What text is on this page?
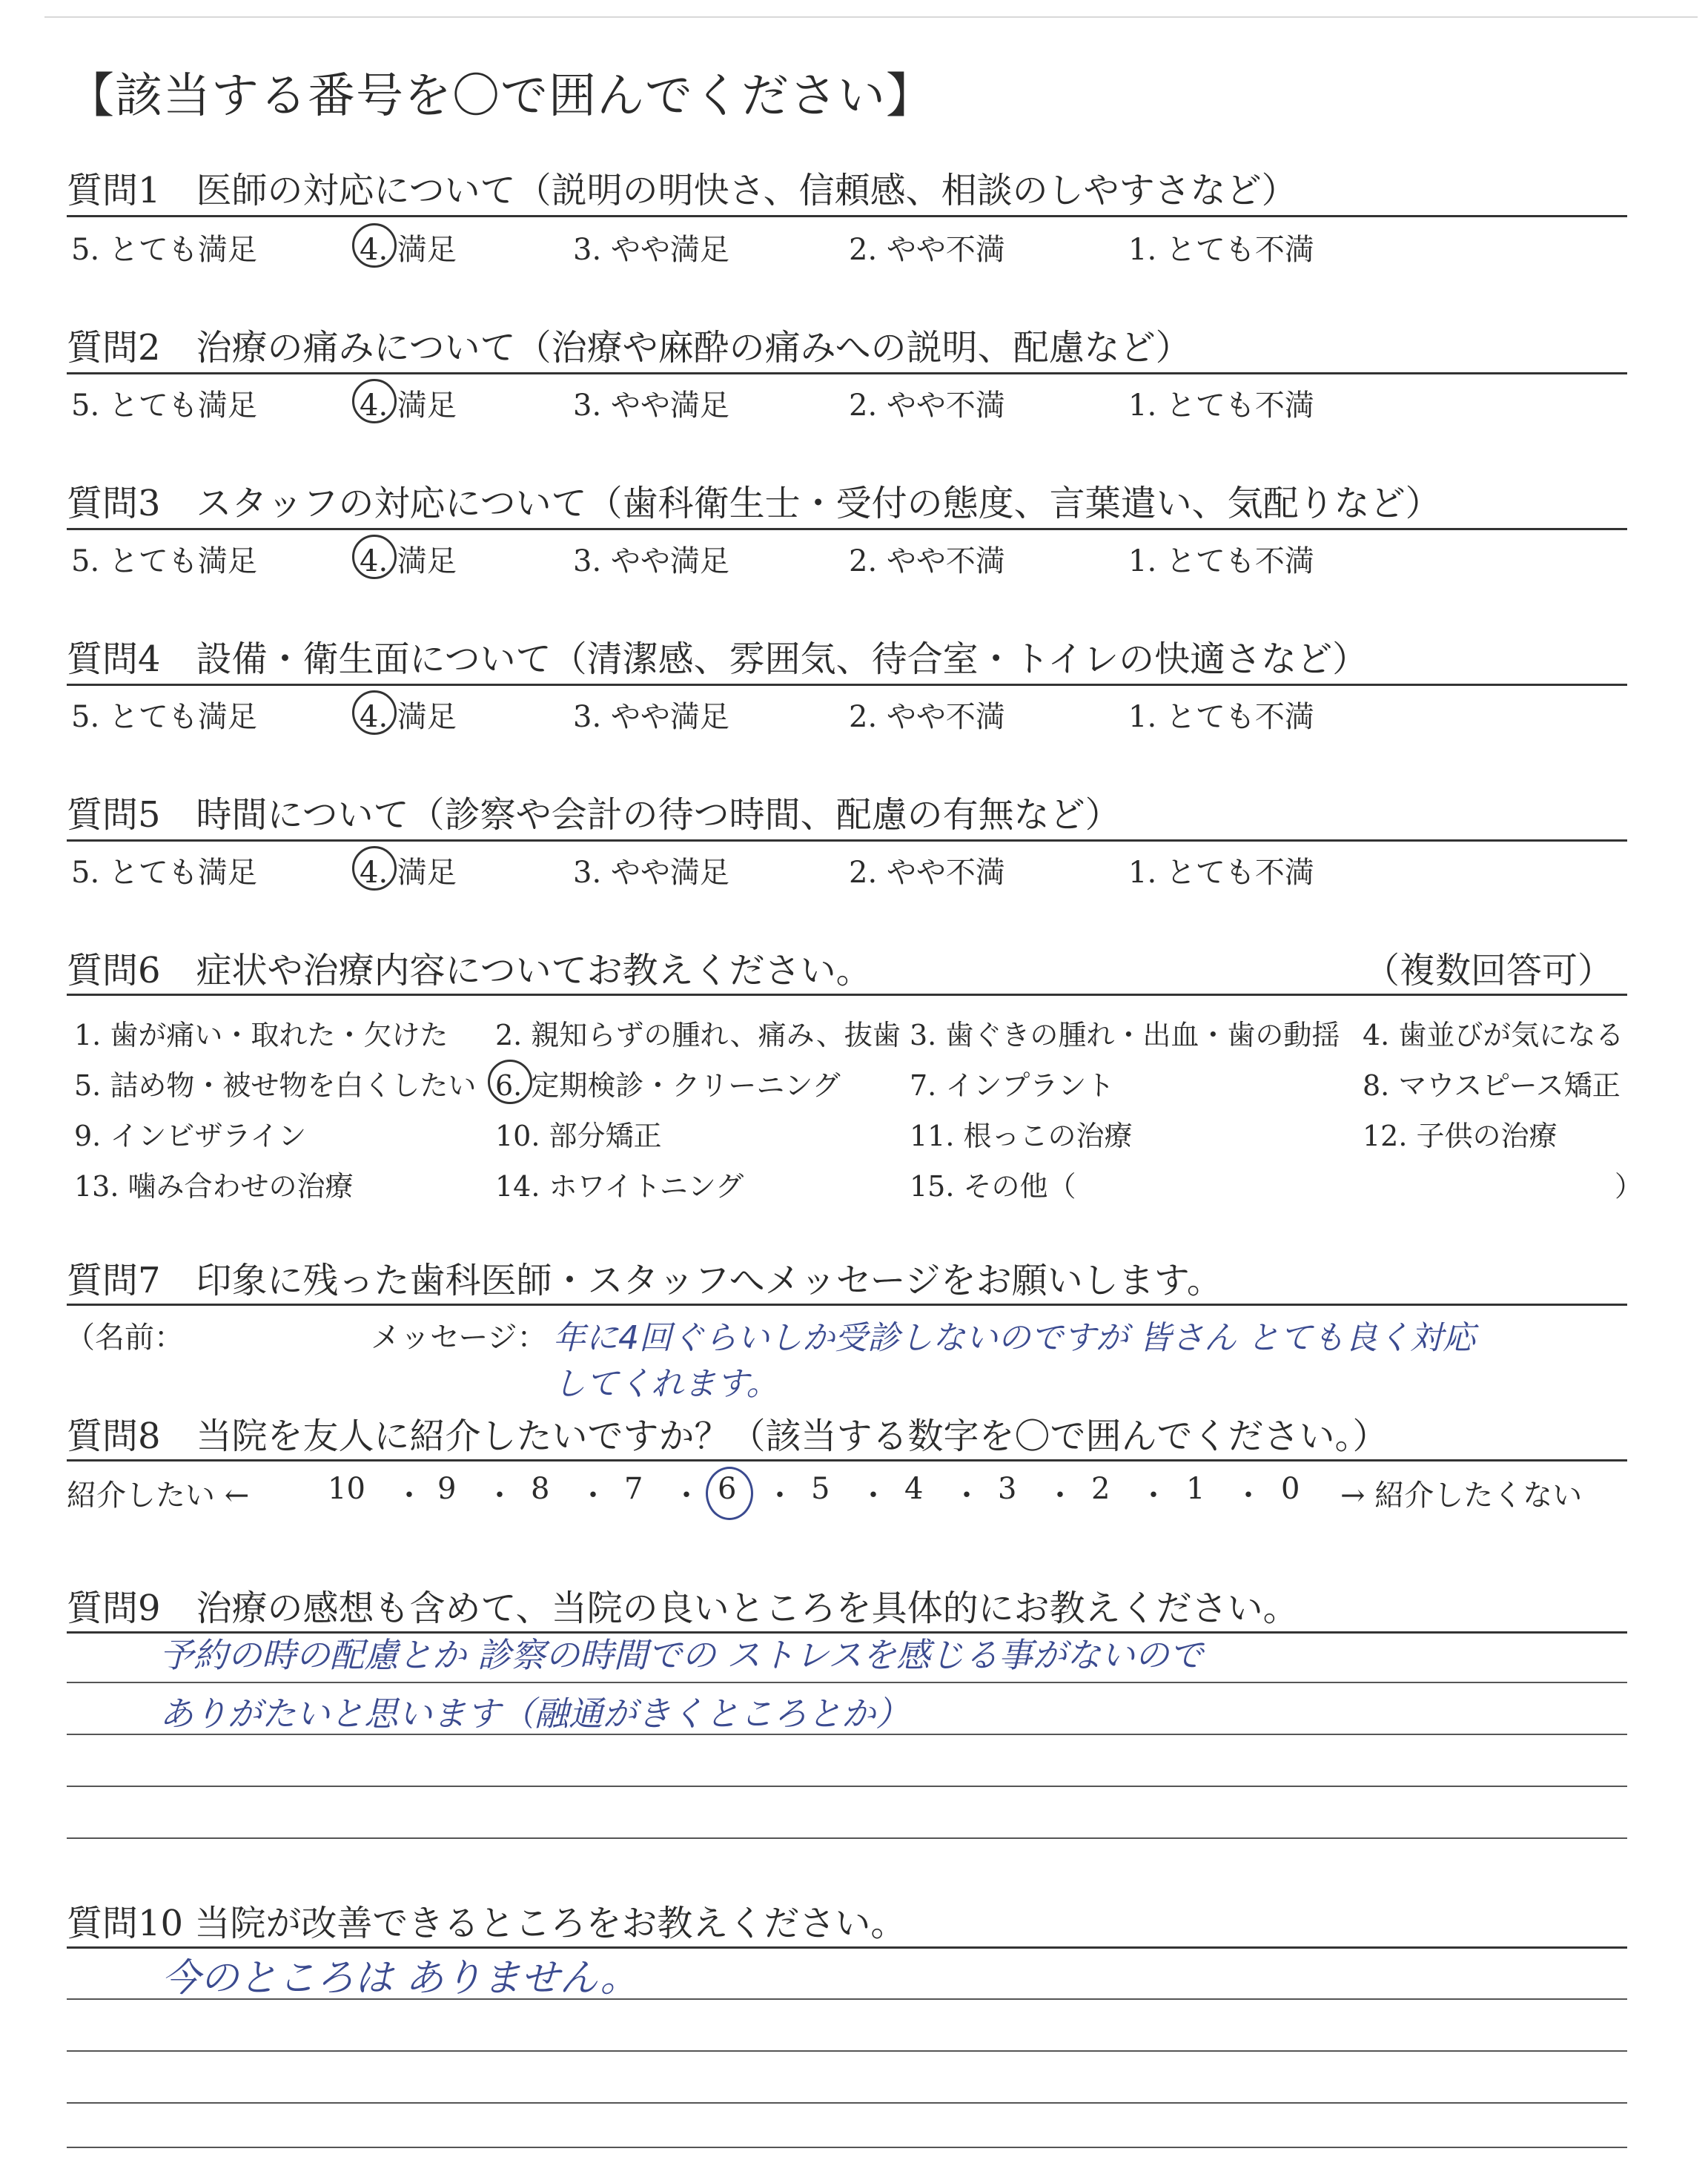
【該当する番号を〇で囲んでください】
質問1　医師の対応について（説明の明快さ、信頼感、相談のしやすさなど）
5. とても満足	4. 満足	3. やや満足	2. やや不満	1. とても不満
質問2　治療の痛みについて（治療や麻酔の痛みへの説明、配慮など）
5. とても満足	4. 満足	3. やや満足	2. やや不満	1. とても不満
質問3　スタッフの対応について（歯科衛生士・受付の態度、言葉遣い、気配りなど）
5. とても満足	4. 満足	3. やや満足	2. やや不満	1. とても不満
質問4　設備・衛生面について（清潔感、雰囲気、待合室・トイレの快適さなど）
5. とても満足	4. 満足	3. やや満足	2. やや不満	1. とても不満
質問5　時間について（診察や会計の待つ時間、配慮の有無など）
5. とても満足	4. 満足	3. やや満足	2. やや不満	1. とても不満
質問6　症状や治療内容についてお教えください。	（複数回答可）
1. 歯が痛い・取れた・欠けた 2. 親知らずの腫れ、痛み、抜歯 3. 歯ぐきの腫れ・出血・歯の動揺 4. 歯並びが気になる
5. 詰め物・被せ物を白くしたい 6. 定期検診・クリーニング 7. インプラント	8. マウスピース矯正
9. インビザライン	10. 部分矯正	11. 根っこの治療	12. 子供の治療
13. 噛み合わせの治療	14. ホワイトニング	15. その他（	）
質問7　印象に残った歯科医師・スタッフへメッセージをお願いします。
（名前：	メッセージ： 年に4回ぐらいしか受診しないのですが 皆さん とても良く対応
してくれます。
質問8　当院を友人に紹介したいですか？（該当する数字を〇で囲んでください。）
紹介したい ←	10 ・ 9 ・ 8 ・ 7 ・ 6 ・ 5 ・ 4 ・ 3 ・ 2 ・ 1 ・ 0 → 紹介したくない
質問9　治療の感想も含めて、当院の良いところを具体的にお教えください。
予約の時の配慮とか 診察の時間での ストレスを感じる事がないので
ありがたいと思います（融通がきくところとか）
質問10 当院が改善できるところをお教えください。
今のところは ありません。
